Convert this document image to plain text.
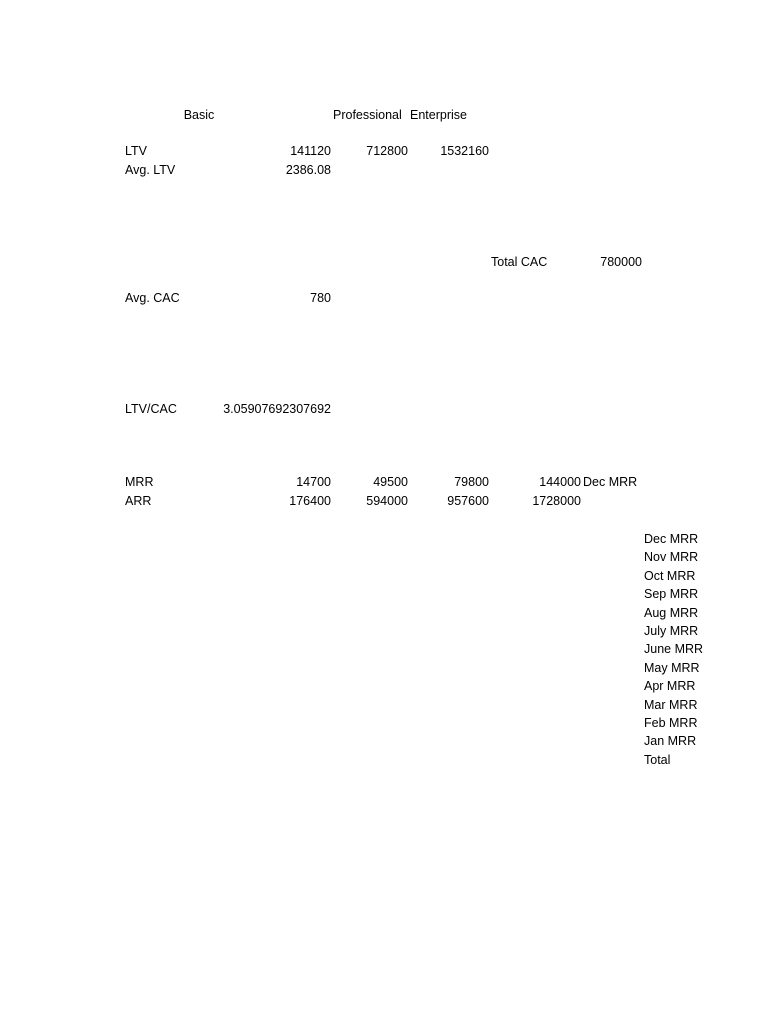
Basic	Professional Enterprise
LTV	141120	712800	1532160
Avg. LTV	2386.08
Total CAC	780000
Avg. CAC	780
LTV/CAC	3.05907692307692
MRR	14700	49500	79800	144000 Dec MRR
ARR	176400	594000	957600	1728000
Dec MRR
Nov MRR
Oct MRR
Sep MRR
Aug MRR
July MRR
June MRR
May MRR
Apr MRR
Mar MRR
Feb MRR
Jan MRR
Total
